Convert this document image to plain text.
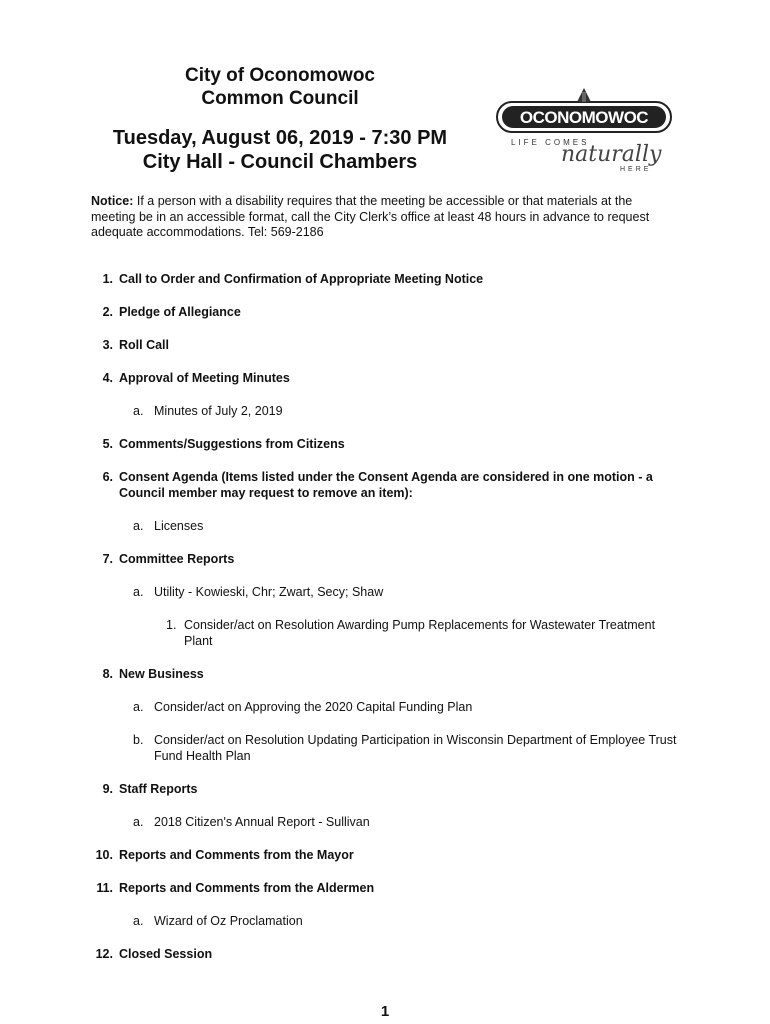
City of Oconomowoc
Common Council
Tuesday, August 06, 2019 - 7:30 PM
City Hall - Council Chambers
OCONOMOWOC
LIFE COMES
naturally
HERE
Notice: If a person with a disability requires that the meeting be accessible or that materials at the meeting be in an accessible format, call the City Clerk’s office at least 48 hours in advance to request adequate accommodations. Tel: 569-2186
1. Call to Order and Confirmation of Appropriate Meeting Notice
2. Pledge of Allegiance
3. Roll Call
4. Approval of Meeting Minutes
a. Minutes of July 2, 2019
5. Comments/Suggestions from Citizens
6. Consent Agenda (Items listed under the Consent Agenda are considered in one motion - a Council member may request to remove an item):
a. Licenses
7. Committee Reports
a. Utility - Kowieski, Chr; Zwart, Secy; Shaw
1. Consider/act on Resolution Awarding Pump Replacements for Wastewater Treatment Plant
8. New Business
a. Consider/act on Approving the 2020 Capital Funding Plan
b. Consider/act on Resolution Updating Participation in Wisconsin Department of Employee Trust Fund Health Plan
9. Staff Reports
a. 2018 Citizen's Annual Report - Sullivan
10. Reports and Comments from the Mayor
11. Reports and Comments from the Aldermen
a. Wizard of Oz Proclamation
12. Closed Session
1
